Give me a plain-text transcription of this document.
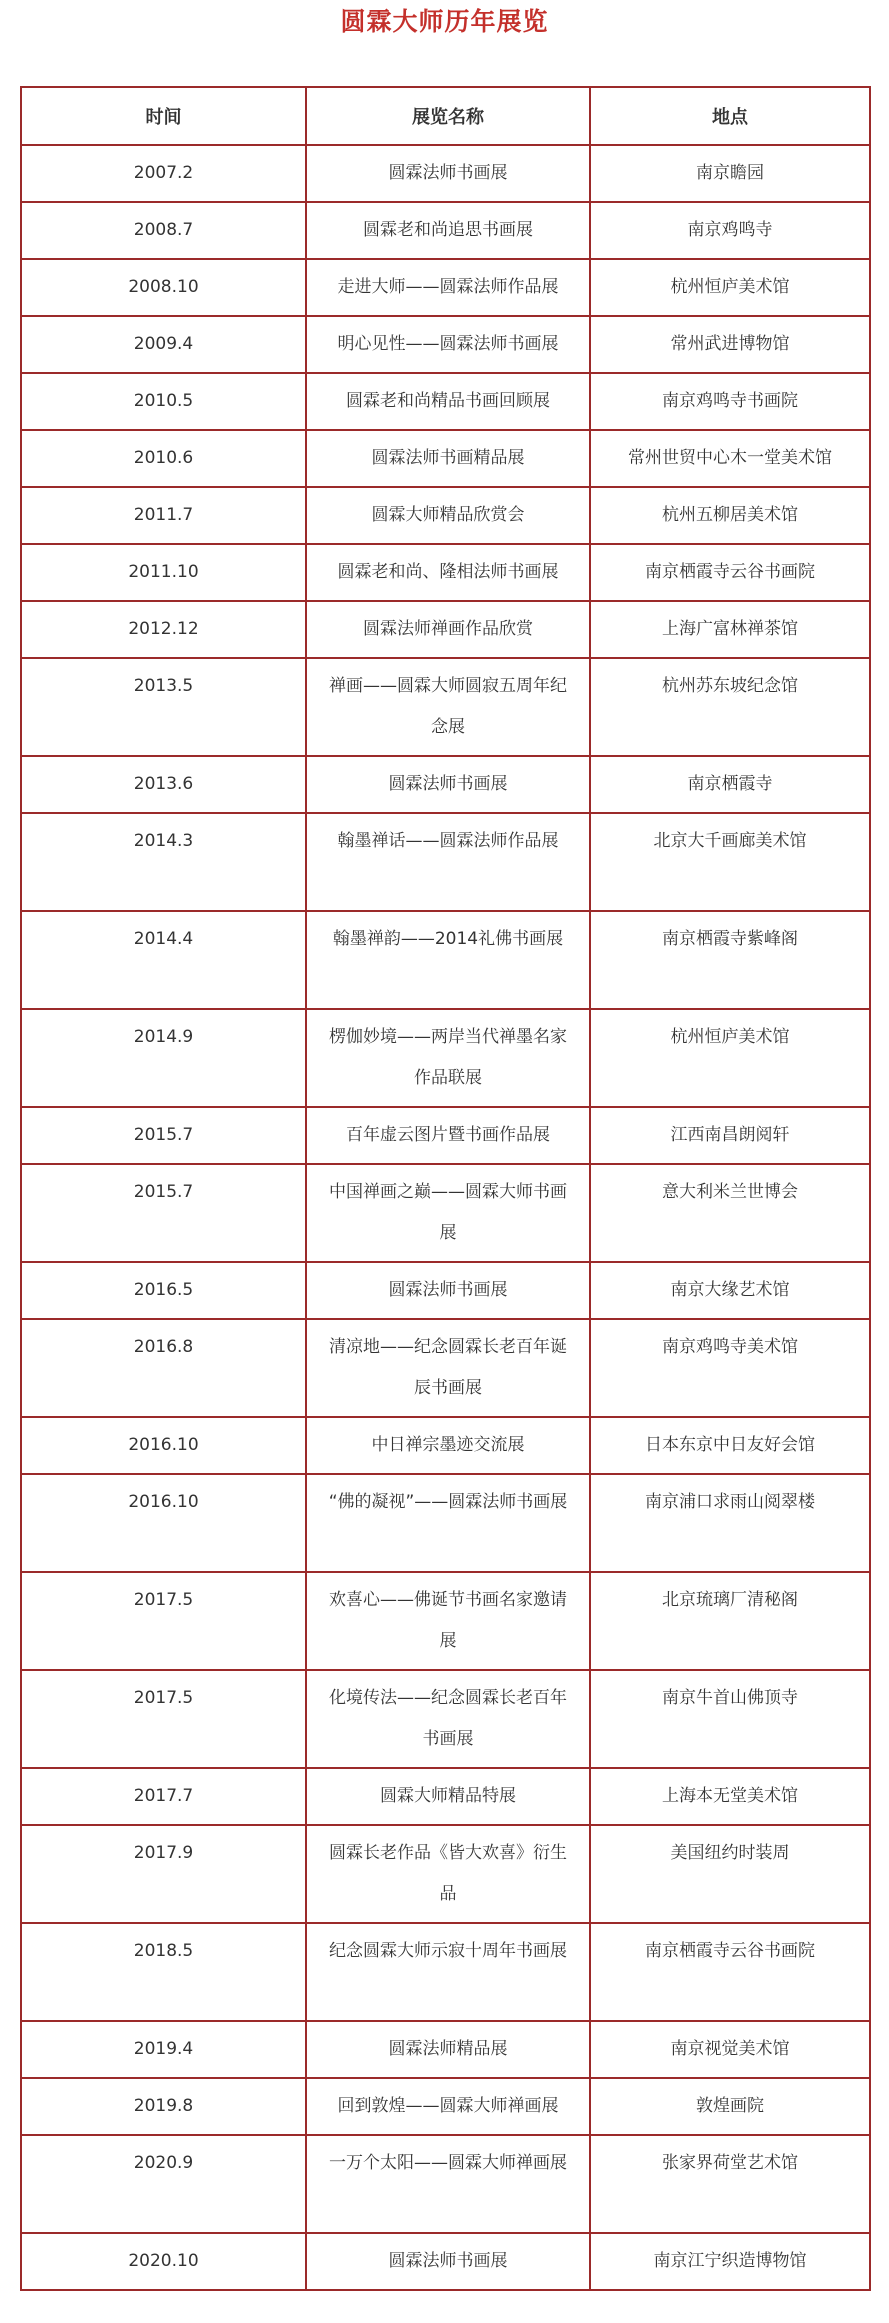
圆霖大师历年展览
时间	展览名称	地点
2007.2	圆霖法师书画展	南京瞻园
2008.7	圆霖老和尚追思书画展	南京鸡鸣寺
2008.10	走进大师——圆霖法师作品展	杭州恒庐美术馆
2009.4	明心见性——圆霖法师书画展	常州武进博物馆
2010.5	圆霖老和尚精品书画回顾展	南京鸡鸣寺书画院
2010.6	圆霖法师书画精品展	常州世贸中心木一堂美术馆
2011.7	圆霖大师精品欣赏会	杭州五柳居美术馆
2011.10	圆霖老和尚、隆相法师书画展	南京栖霞寺云谷书画院
2012.12	圆霖法师禅画作品欣赏	上海广富林禅茶馆
2013.5	禅画——圆霖大师圆寂五周年纪念展	杭州苏东坡纪念馆
2013.6	圆霖法师书画展	南京栖霞寺
2014.3	翰墨禅话——圆霖法师作品展	北京大千画廊美术馆
2014.4	翰墨禅韵——2014礼佛书画展	南京栖霞寺紫峰阁
2014.9	楞伽妙境——两岸当代禅墨名家作品联展	杭州恒庐美术馆
2015.7	百年虚云图片暨书画作品展	江西南昌朗阅轩
2015.7	中国禅画之巅——圆霖大师书画展	意大利米兰世博会
2016.5	圆霖法师书画展	南京大缘艺术馆
2016.8	清凉地——纪念圆霖长老百年诞辰书画展	南京鸡鸣寺美术馆
2016.10	中日禅宗墨迹交流展	日本东京中日友好会馆
2016.10	“佛的凝视”——圆霖法师书画展	南京浦口求雨山阅翠楼
2017.5	欢喜心——佛诞节书画名家邀请展	北京琉璃厂清秘阁
2017.5	化境传法——纪念圆霖长老百年书画展	南京牛首山佛顶寺
2017.7	圆霖大师精品特展	上海本无堂美术馆
2017.9	圆霖长老作品《皆大欢喜》衍生品	美国纽约时装周
2018.5	纪念圆霖大师示寂十周年书画展	南京栖霞寺云谷书画院
2019.4	圆霖法师精品展	南京视觉美术馆
2019.8	回到敦煌——圆霖大师禅画展	敦煌画院
2020.9	一万个太阳——圆霖大师禅画展	张家界荷堂艺术馆
2020.10	圆霖法师书画展	南京江宁织造博物馆
